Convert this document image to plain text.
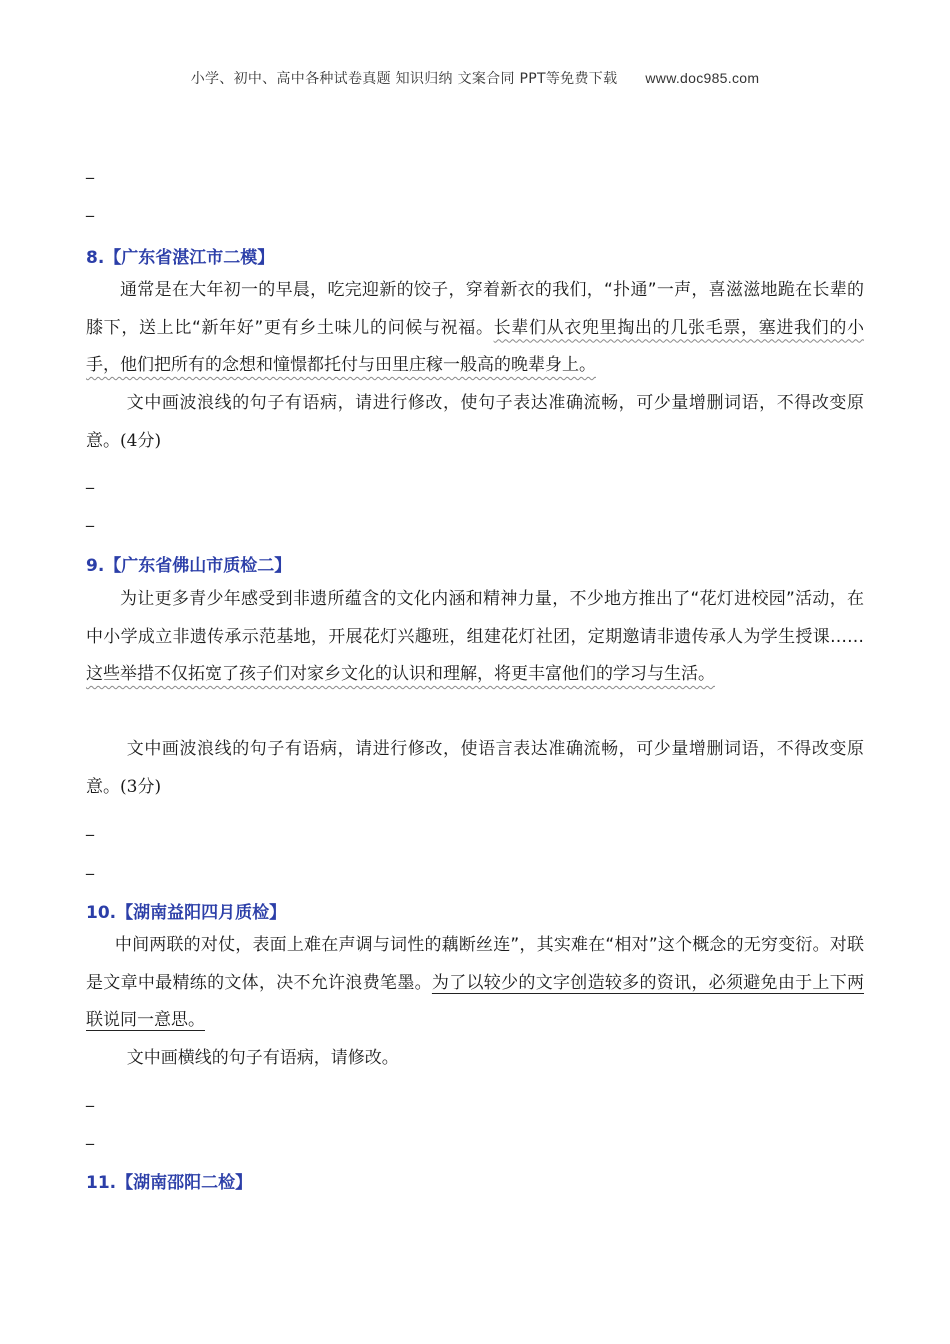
小学、初中、高中各种试卷真题 知识归纳 文案合同 PPT等免费下载 www.doc985.com
_
_
8.【广东省湛江市二模】

通常是在大年初一的早晨，吃完迎新的饺子，穿着新衣的我们，“扑通”一声，喜滋滋地跪在长辈的膝下，送上比“新年好”更有乡土味儿的问候与祝福。长辈们从衣兜里掏出的几张毛票，塞进我们的小手，他们把所有的念想和憧憬都托付与田里庄稼一般高的晚辈身上。

文中画波浪线的句子有语病，请进行修改，使句子表达准确流畅，可少量增删词语，不得改变原意。(4分)

_
_
9.【广东省佛山市质检二】

为让更多青少年感受到非遗所蕴含的文化内涵和精神力量，不少地方推出了“花灯进校园”活动，在中小学成立非遗传承示范基地，开展花灯兴趣班，组建花灯社团，定期邀请非遗传承人为学生授课……这些举措不仅拓宽了孩子们对家乡文化的认识和理解，将更丰富他们的学习与生活。

文中画波浪线的句子有语病，请进行修改，使语言表达准确流畅，可少量增删词语，不得改变原意。(3分)

_
_
10.【湖南益阳四月质检】

中间两联的对仗，表面上难在声调与词性的藕断丝连”，其实难在“相对”这个概念的无穷变衍。对联是文章中最精练的文体，决不允许浪费笔墨。为了以较少的文字创造较多的资讯，必须避免由于上下两联说同一意思。

文中画横线的句子有语病，请修改。

_
_
11.【湖南邵阳二检】
